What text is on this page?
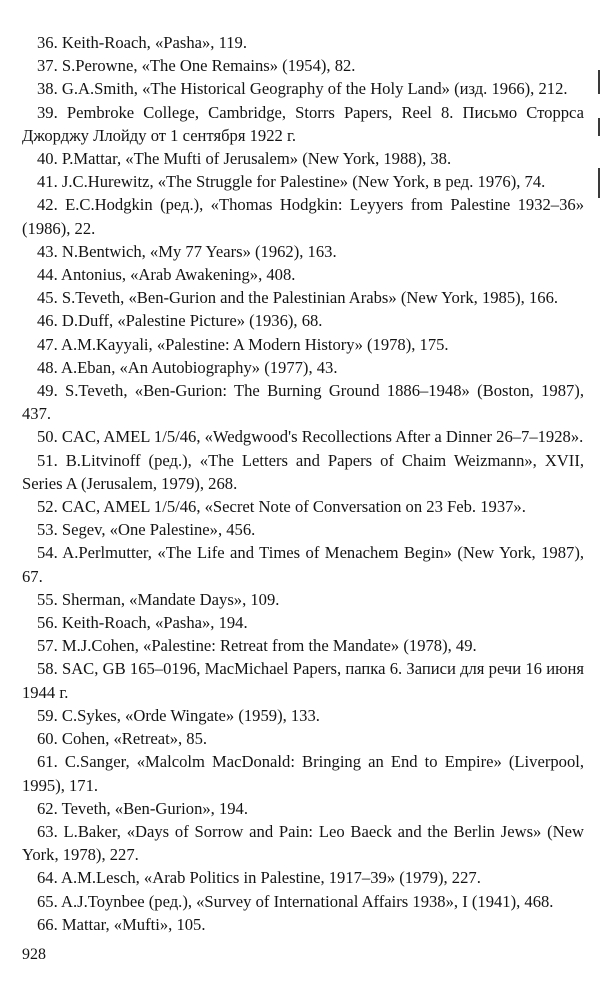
36. Keith-Roach, «Pasha», 119.

37. S.Perowne, «The One Remains» (1954), 82.

38. G.A.Smith, «The Historical Geography of the Holy Land» (изд. 1966), 212.

39. Pembroke College, Cambridge, Storrs Papers, Reel 8. Письмо Сторрса Джорджу Ллойду от 1 сентября 1922 г.

40. P.Mattar, «The Mufti of Jerusalem» (New York, 1988), 38.

41. J.C.Hurewitz, «The Struggle for Palestine» (New York, в ред. 1976), 74.

42. E.C.Hodgkin (ред.), «Thomas Hodgkin: Leyyers from Palestine 1932–36» (1986), 22.

43. N.Bentwich, «My 77 Years» (1962), 163.

44. Antonius, «Arab Awakening», 408.

45. S.Teveth, «Ben-Gurion and the Palestinian Arabs» (New York, 1985), 166.

46. D.Duff, «Palestine Picture» (1936), 68.

47. A.M.Kayyali, «Palestine: A Modern History» (1978), 175.

48. A.Eban, «An Autobiography» (1977), 43.

49. S.Teveth, «Ben-Gurion: The Burning Ground 1886–1948» (Boston, 1987), 437.

50. CAC, AMEL 1/5/46, «Wedgwood's Recollections After a Dinner 26–7–1928».

51. B.Litvinoff (ред.), «The Letters and Papers of Chaim Weizmann», XVII, Series A (Jerusalem, 1979), 268.

52. CAC, AMEL 1/5/46, «Secret Note of Conversation on 23 Feb. 1937».

53. Segev, «One Palestine», 456.

54. A.Perlmutter, «The Life and Times of Menachem Begin» (New York, 1987), 67.

55. Sherman, «Mandate Days», 109.

56. Keith-Roach, «Pasha», 194.

57. M.J.Cohen, «Palestine: Retreat from the Mandate» (1978), 49.

58. SAC, GB 165–0196, MacMichael Papers, папка 6. Записи для речи 16 июня 1944 г.

59. C.Sykes, «Orde Wingate» (1959), 133.

60. Cohen, «Retreat», 85.

61. C.Sanger, «Malcolm MacDonald: Bringing an End to Empire» (Liverpool, 1995), 171.

62. Teveth, «Ben-Gurion», 194.

63. L.Baker, «Days of Sorrow and Pain: Leo Baeck and the Berlin Jews» (New York, 1978), 227.

64. A.M.Lesch, «Arab Politics in Palestine, 1917–39» (1979), 227.

65. A.J.Toynbee (ред.), «Survey of International Affairs 1938», I (1941), 468.

66. Mattar, «Mufti», 105.

928
